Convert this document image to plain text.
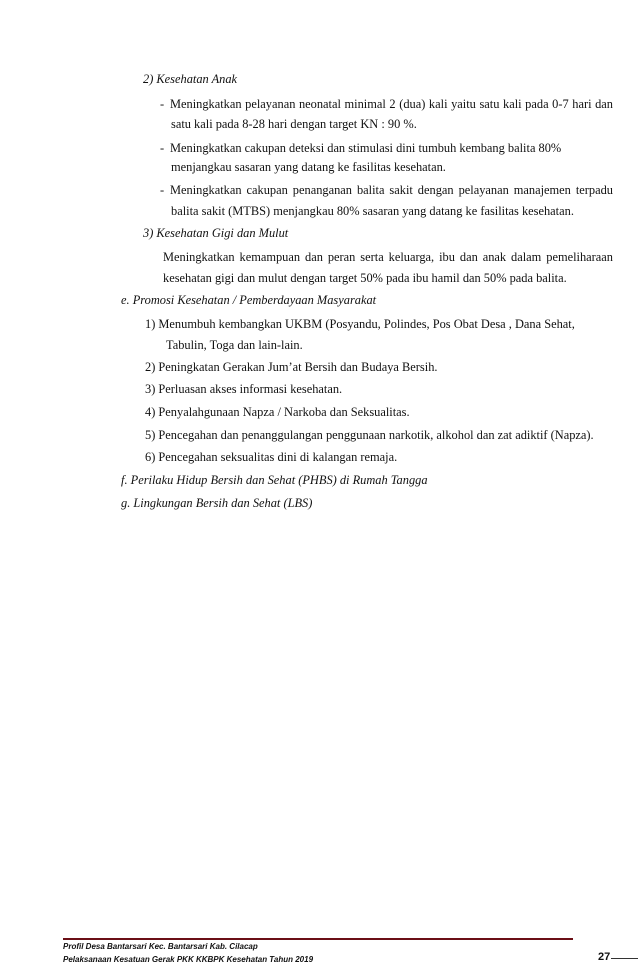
2) Kesehatan Anak
- Meningkatkan pelayanan neonatal minimal 2 (dua) kali yaitu satu kali pada 0-7 hari dan
satu kali pada 8-28 hari dengan target KN : 90 %.
- Meningkatkan cakupan deteksi dan stimulasi dini tumbuh kembang balita 80%
menjangkau sasaran yang datang ke fasilitas kesehatan.
- Meningkatkan cakupan penanganan balita sakit dengan pelayanan manajemen terpadu
balita sakit (MTBS) menjangkau 80% sasaran yang datang ke fasilitas kesehatan.
3) Kesehatan Gigi dan Mulut
Meningkatkan kemampuan dan peran serta keluarga, ibu dan anak dalam pemeliharaan
kesehatan gigi dan mulut dengan target 50% pada ibu hamil dan 50% pada balita.
e. Promosi Kesehatan / Pemberdayaan Masyarakat
1) Menumbuh kembangkan UKBM (Posyandu, Polindes, Pos Obat Desa , Dana Sehat,
Tabulin, Toga dan lain-lain.
2) Peningkatan Gerakan Jum’at Bersih dan Budaya Bersih.
3) Perluasan akses informasi kesehatan.
4) Penyalahgunaan Napza / Narkoba dan Seksualitas.
5) Pencegahan dan penanggulangan penggunaan narkotik, alkohol dan zat adiktif (Napza).
6) Pencegahan seksualitas dini di kalangan remaja.
f. Perilaku Hidup Bersih dan Sehat (PHBS) di Rumah Tangga
g. Lingkungan Bersih dan Sehat (LBS)
Profil Desa Bantarsari Kec. Bantarsari Kab. Cilacap
Pelaksanaan Kesatuan Gerak PKK KKBPK Kesehatan Tahun 2019	27
